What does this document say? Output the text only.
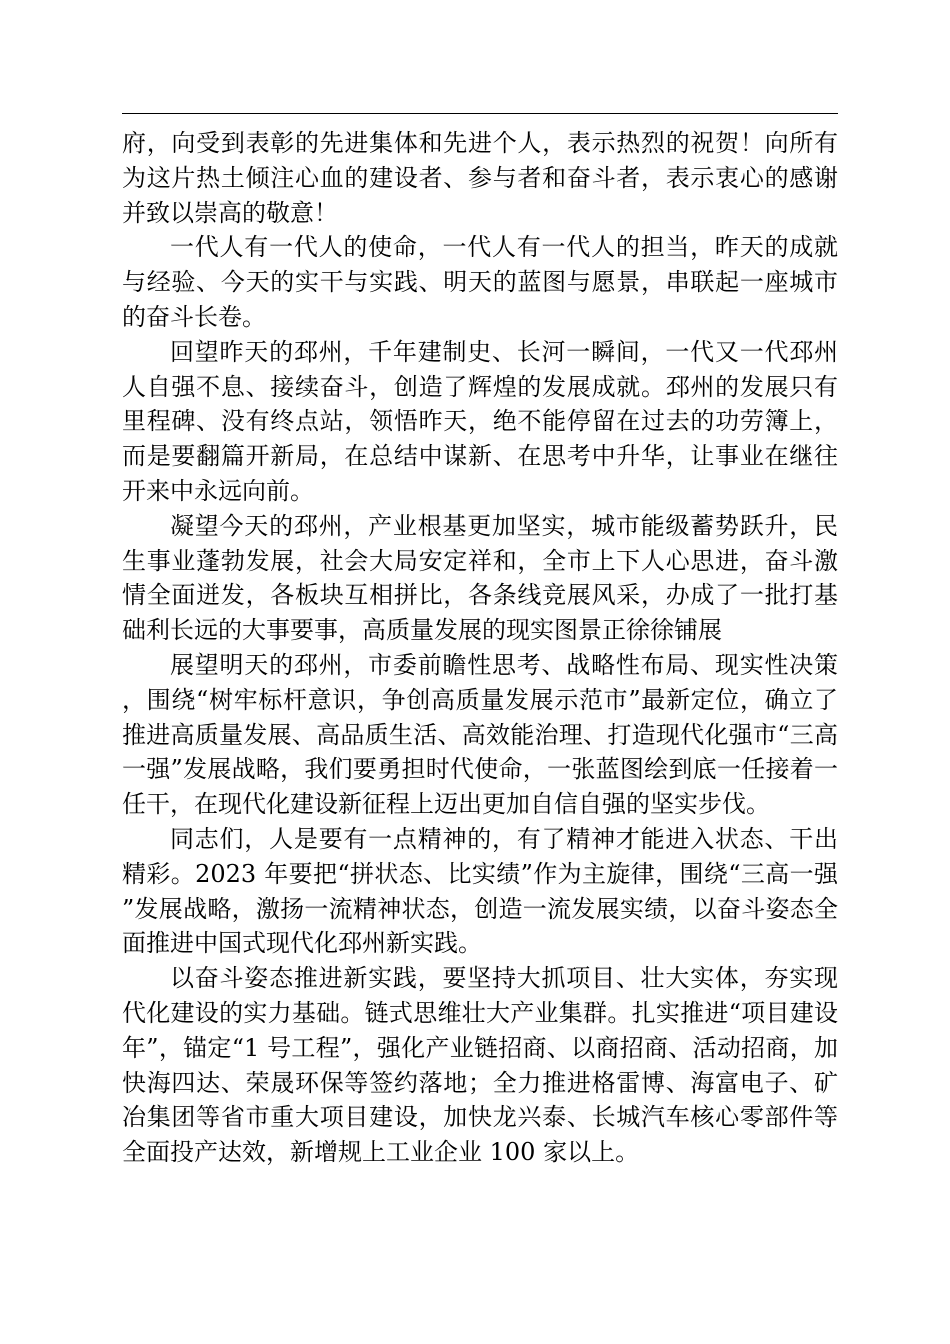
府，向受到表彰的先进集体和先进个人，表示热烈的祝贺！向所有为这片热土倾注心血的建设者、参与者和奋斗者，表示衷心的感谢并致以崇高的敬意！

一代人有一代人的使命，一代人有一代人的担当，昨天的成就与经验、今天的实干与实践、明天的蓝图与愿景，串联起一座城市的奋斗长卷。

回望昨天的邳州，千年建制史、长河一瞬间，一代又一代邳州人自强不息、接续奋斗，创造了辉煌的发展成就。邳州的发展只有里程碑、没有终点站，领悟昨天，绝不能停留在过去的功劳簿上，而是要翻篇开新局，在总结中谋新、在思考中升华，让事业在继往开来中永远向前。

凝望今天的邳州，产业根基更加坚实，城市能级蓄势跃升，民生事业蓬勃发展，社会大局安定祥和，全市上下人心思进，奋斗激情全面迸发，各板块互相拼比，各条线竞展风采，办成了一批打基础利长远的大事要事，高质量发展的现实图景正徐徐铺展

展望明天的邳州，市委前瞻性思考、战略性布局、现实性决策，围绕“树牢标杆意识，争创高质量发展示范市”最新定位，确立了推进高质量发展、高品质生活、高效能治理、打造现代化强市“三高一强”发展战略，我们要勇担时代使命，一张蓝图绘到底一任接着一任干，在现代化建设新征程上迈出更加自信自强的坚实步伐。

同志们，人是要有一点精神的，有了精神才能进入状态、干出精彩。2023 年要把“拼状态、比实绩”作为主旋律，围绕“三高一强”发展战略，激扬一流精神状态，创造一流发展实绩，以奋斗姿态全面推进中国式现代化邳州新实践。

以奋斗姿态推进新实践，要坚持大抓项目、壮大实体，夯实现代化建设的实力基础。链式思维壮大产业集群。扎实推进“项目建设年”，锚定“1 号工程”，强化产业链招商、以商招商、活动招商，加快海四达、荣晟环保等签约落地；全力推进格雷博、海富电子、矿冶集团等省市重大项目建设，加快龙兴泰、长城汽车核心零部件等全面投产达效，新增规上工业企业 100 家以上。
